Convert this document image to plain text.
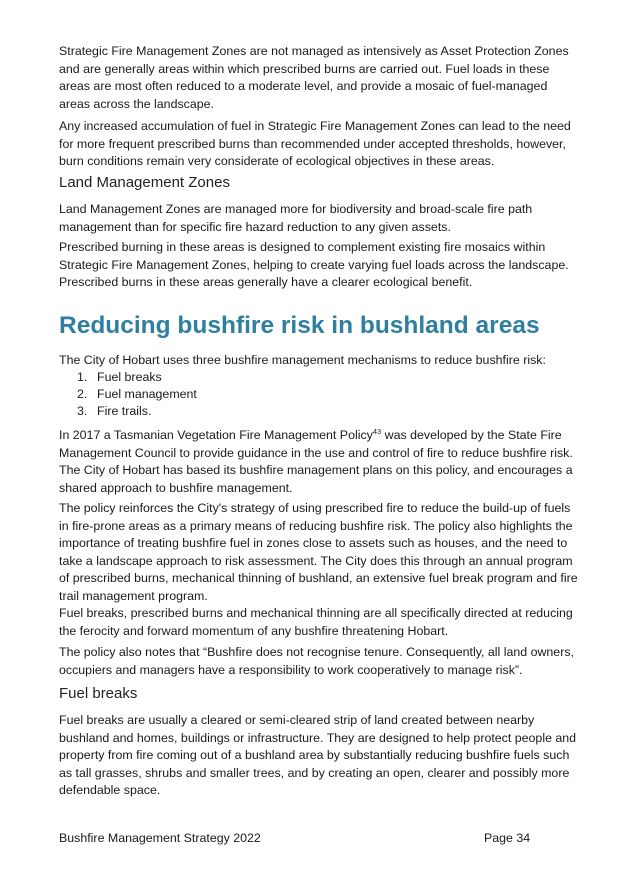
Strategic Fire Management Zones are not managed as intensively as Asset Protection Zones and are generally areas within which prescribed burns are carried out. Fuel loads in these areas are most often reduced to a moderate level, and provide a mosaic of fuel-managed areas across the landscape.

Any increased accumulation of fuel in Strategic Fire Management Zones can lead to the need for more frequent prescribed burns than recommended under accepted thresholds, however, burn conditions remain very considerate of ecological objectives in these areas.

Land Management Zones

Land Management Zones are managed more for biodiversity and broad-scale fire path management than for specific fire hazard reduction to any given assets.

Prescribed burning in these areas is designed to complement existing fire mosaics within Strategic Fire Management Zones, helping to create varying fuel loads across the landscape. Prescribed burns in these areas generally have a clearer ecological benefit.

Reducing bushfire risk in bushland areas

The City of Hobart uses three bushfire management mechanisms to reduce bushfire risk:

1. Fuel breaks
2. Fuel management
3. Fire trails.

In 2017 a Tasmanian Vegetation Fire Management Policy$^{43}$ was developed by the State Fire Management Council to provide guidance in the use and control of fire to reduce bushfire risk. The City of Hobart has based its bushfire management plans on this policy, and encourages a shared approach to bushfire management.

The policy reinforces the City's strategy of using prescribed fire to reduce the build-up of fuels in fire-prone areas as a primary means of reducing bushfire risk. The policy also highlights the importance of treating bushfire fuel in zones close to assets such as houses, and the need to take a landscape approach to risk assessment. The City does this through an annual program of prescribed burns, mechanical thinning of bushland, an extensive fuel break program and fire trail management program.

Fuel breaks, prescribed burns and mechanical thinning are all specifically directed at reducing the ferocity and forward momentum of any bushfire threatening Hobart.

The policy also notes that “Bushfire does not recognise tenure. Consequently, all land owners, occupiers and managers have a responsibility to work cooperatively to manage risk”.

Fuel breaks

Fuel breaks are usually a cleared or semi-cleared strip of land created between nearby bushland and homes, buildings or infrastructure. They are designed to help protect people and property from fire coming out of a bushland area by substantially reducing bushfire fuels such as tall grasses, shrubs and smaller trees, and by creating an open, clearer and possibly more defendable space.

Bushfire Management Strategy 2022	Page 34
